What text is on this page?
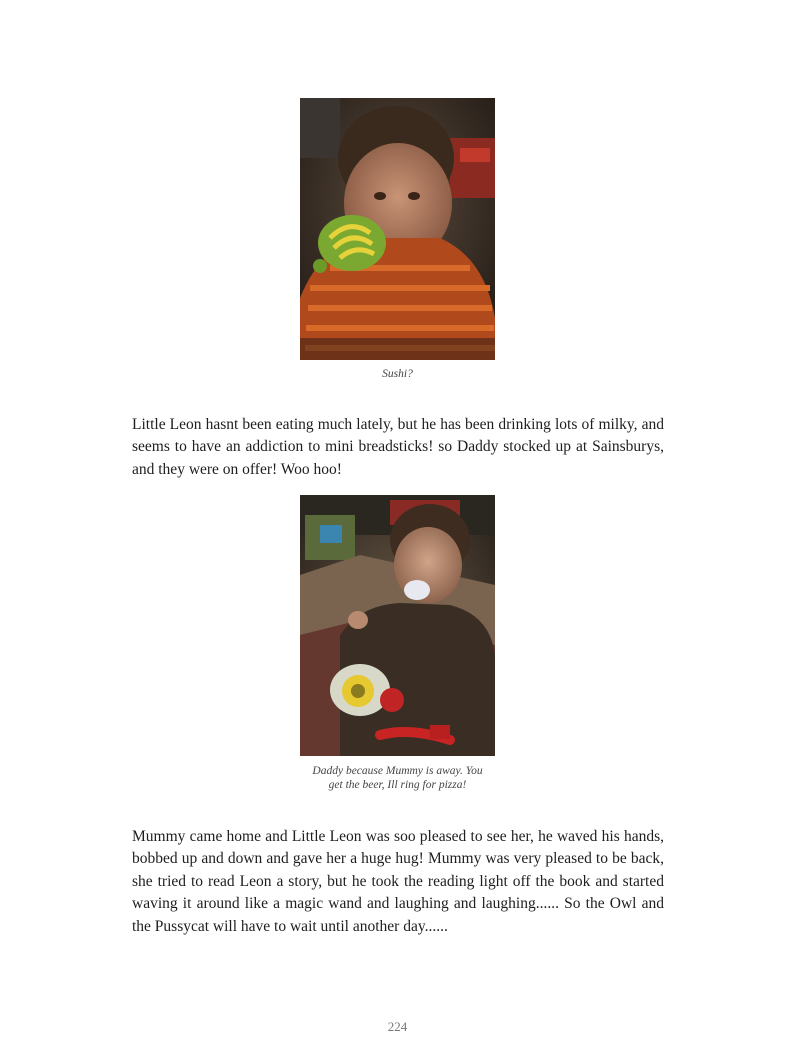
Sushi?

Little Leon hasnt been eating much lately, but he has been drinking lots of milky, and seems to have an addiction to mini breadsticks! so Daddy stocked up at Sainsburys, and they were on offer! Woo hoo!

Daddy because Mummy is away. You
get the beer, Ill ring for pizza!

Mummy came home and Little Leon was soo pleased to see her, he waved his hands, bobbed up and down and gave her a huge hug! Mummy was very pleased to be back, she tried to read Leon a story, but he took the reading light off the book and started waving it around like a magic wand and laughing and laughing...... So the Owl and the Pussycat will have to wait until another day......

224
